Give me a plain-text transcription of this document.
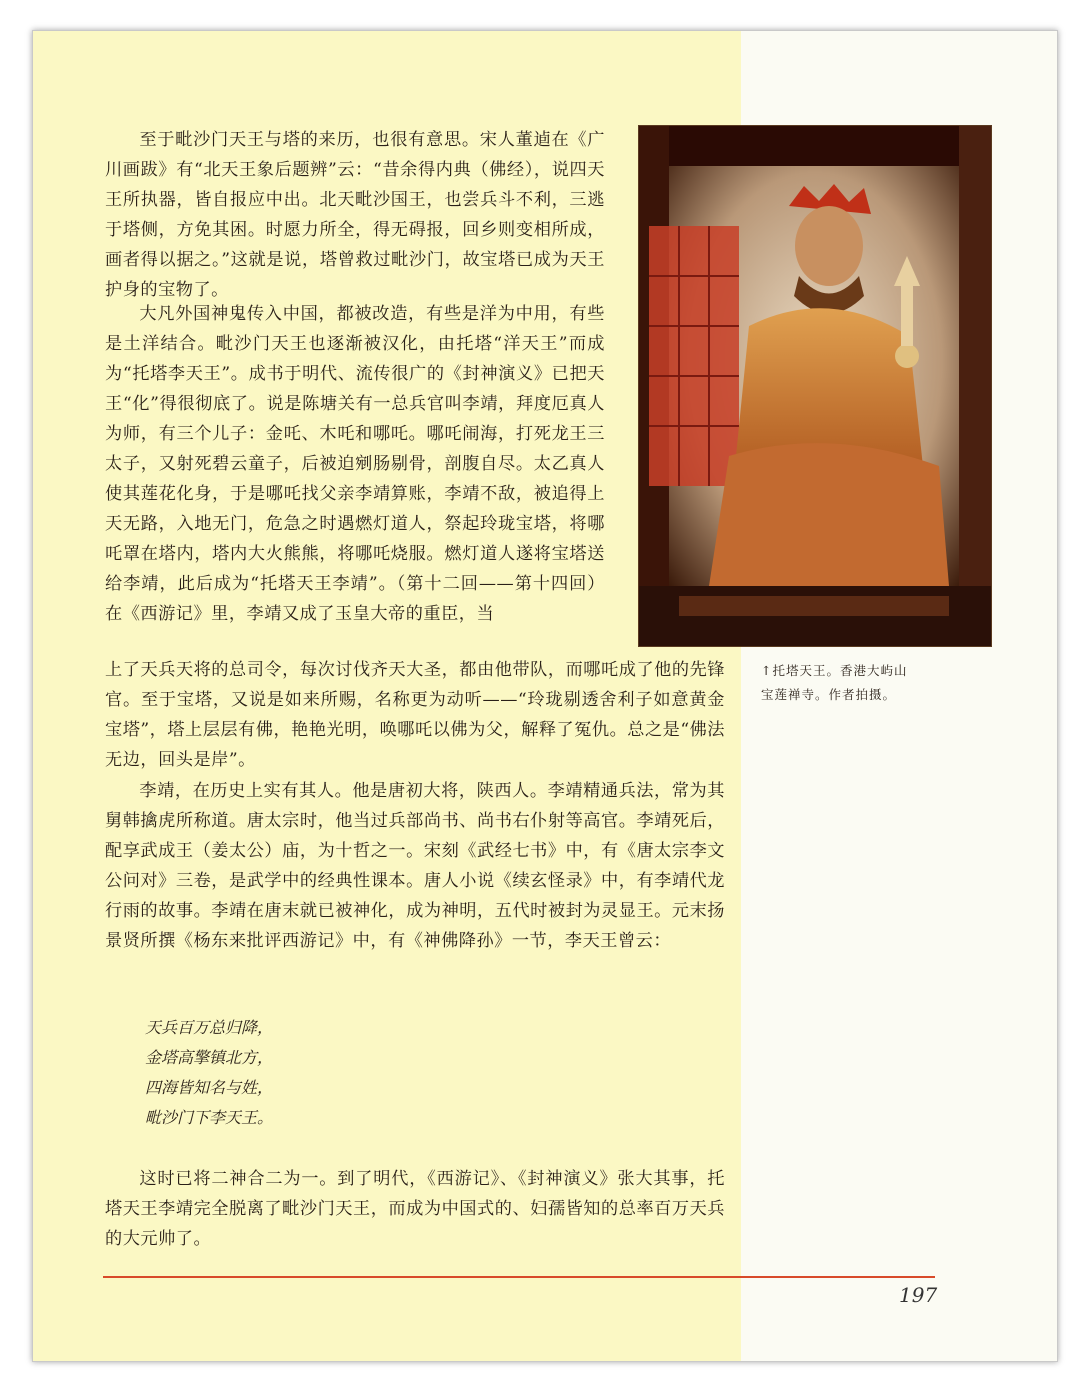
至于毗沙门天王与塔的来历，也很有意思。宋人董逌在《广川画跋》有“北天王象后题辨”云：“昔余得内典（佛经），说四天王所执器，皆自报应中出。北天毗沙国王，也尝兵斗不利，三逃于塔侧，方免其困。时愿力所全，得无碍报，回乡则变相所成，画者得以据之。”这就是说，塔曾救过毗沙门，故宝塔已成为天王护身的宝物了。

大凡外国神鬼传入中国，都被改造，有些是洋为中用，有些是土洋结合。毗沙门天王也逐渐被汉化，由托塔“洋天王”而成为“托塔李天王”。成书于明代、流传很广的《封神演义》已把天王“化”得很彻底了。说是陈塘关有一总兵官叫李靖，拜度厄真人为师，有三个儿子：金吒、木吒和哪吒。哪吒闹海，打死龙王三太子，又射死碧云童子，后被迫剜肠剔骨，剖腹自尽。太乙真人使其莲花化身，于是哪吒找父亲李靖算账，李靖不敌，被追得上天无路，入地无门，危急之时遇燃灯道人，祭起玲珑宝塔，将哪吒罩在塔内，塔内大火熊熊，将哪吒烧服。燃灯道人遂将宝塔送给李靖，此后成为“托塔天王李靖”。（第十二回——第十四回）在《西游记》里，李靖又成了玉皇大帝的重臣，当

上了天兵天将的总司令，每次讨伐齐天大圣，都由他带队，而哪吒成了他的先锋官。至于宝塔，又说是如来所赐，名称更为动听——“玲珑剔透舍利子如意黄金宝塔”，塔上层层有佛，艳艳光明，唤哪吒以佛为父，解释了冤仇。总之是“佛法无边，回头是岸”。

↑托塔天王。香港大屿山
宝莲禅寺。作者拍摄。

李靖，在历史上实有其人。他是唐初大将，陕西人。李靖精通兵法，常为其舅韩擒虎所称道。唐太宗时，他当过兵部尚书、尚书右仆射等高官。李靖死后，配享武成王（姜太公）庙，为十哲之一。宋刻《武经七书》中，有《唐太宗李文公问对》三卷，是武学中的经典性课本。唐人小说《续玄怪录》中，有李靖代龙行雨的故事。李靖在唐末就已被神化，成为神明，五代时被封为灵显王。元末扬景贤所撰《杨东来批评西游记》中，有《神佛降孙》一节，李天王曾云：

天兵百万总归降，
金塔高擎镇北方，
四海皆知名与姓，
毗沙门下李天王。

这时已将二神合二为一。到了明代，《西游记》、《封神演义》张大其事，托塔天王李靖完全脱离了毗沙门天王，而成为中国式的、妇孺皆知的总率百万天兵的大元帅了。

197
